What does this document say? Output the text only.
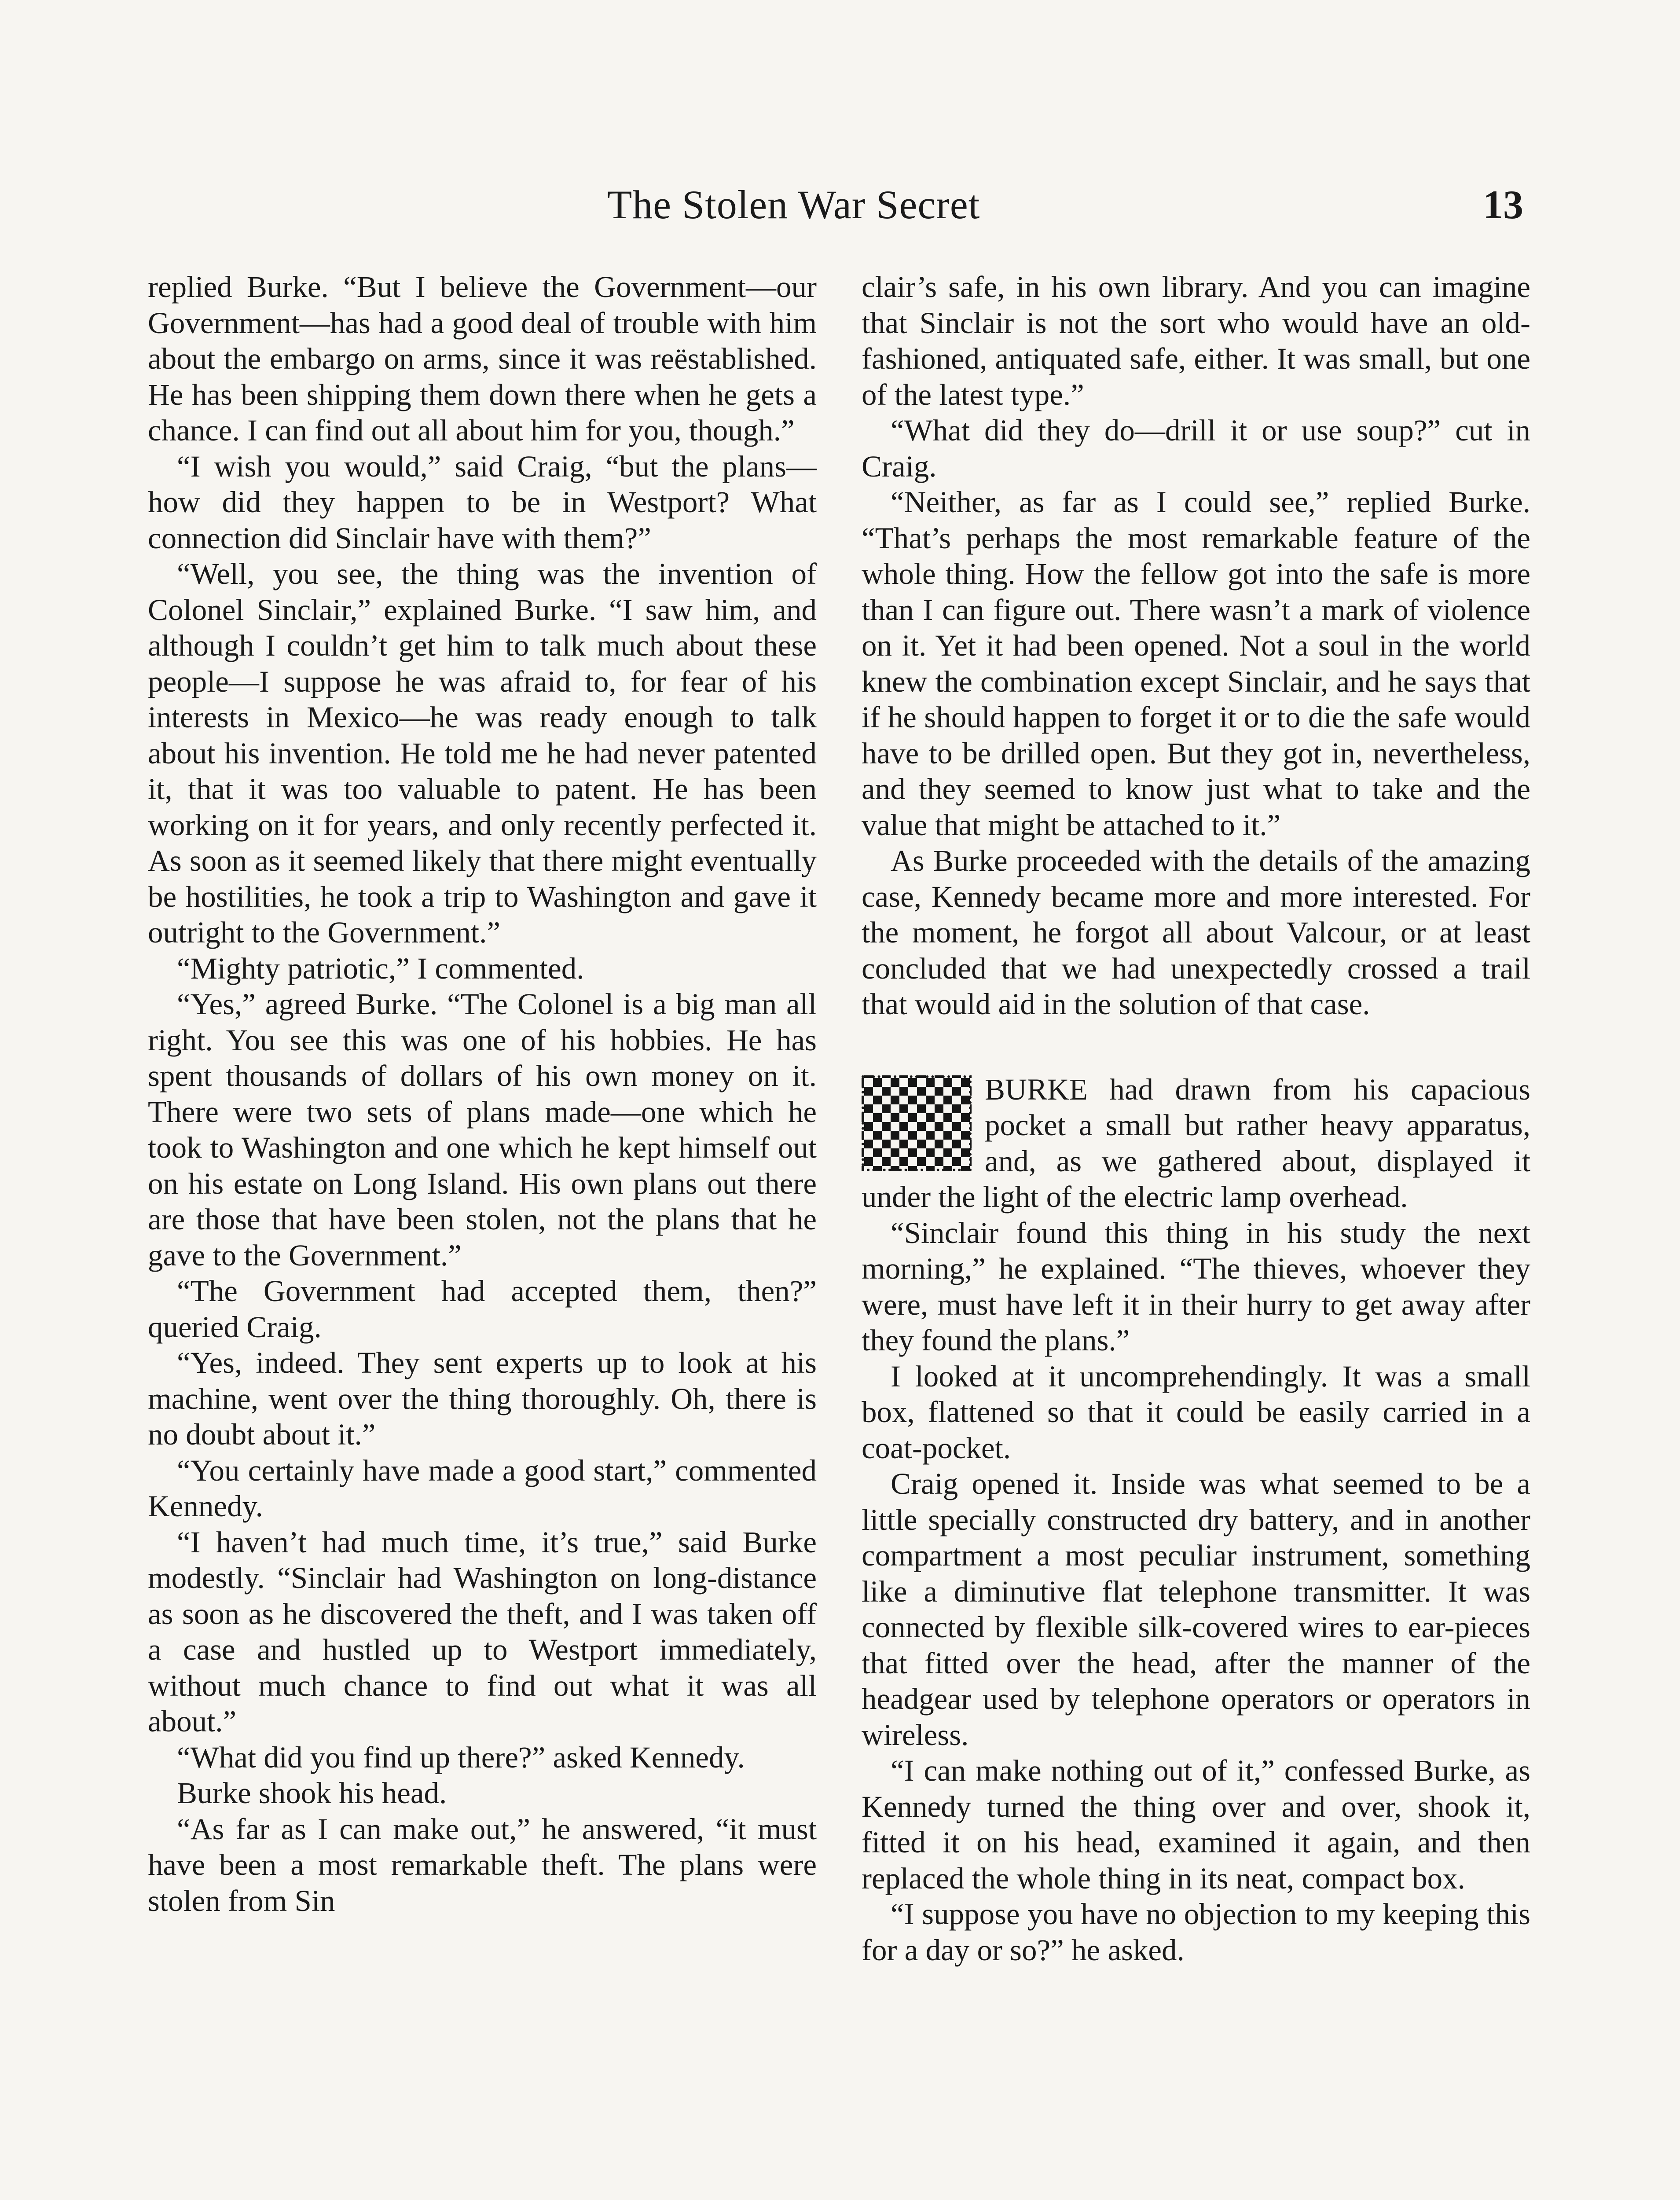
The Stolen War Secret	13

replied Burke. “But I believe the Government—our Government—has had a good deal of trouble with him about the embargo on arms, since it was reëstablished. He has been shipping them down there when he gets a chance. I can find out all about him for you, though.”

“I wish you would,” said Craig, “but the plans—how did they happen to be in Westport? What connection did Sinclair have with them?”

“Well, you see, the thing was the invention of Colonel Sinclair,” explained Burke. “I saw him, and although I couldn’t get him to talk much about these people—I suppose he was afraid to, for fear of his interests in Mexico—he was ready enough to talk about his invention. He told me he had never patented it, that it was too valuable to patent. He has been working on it for years, and only recently perfected it. As soon as it seemed likely that there might eventually be hostilities, he took a trip to Washington and gave it outright to the Government.”

“Mighty patriotic,” I commented.

“Yes,” agreed Burke. “The Colonel is a big man all right. You see this was one of his hobbies. He has spent thousands of dollars of his own money on it. There were two sets of plans made—one which he took to Washington and one which he kept himself out on his estate on Long Island. His own plans out there are those that have been stolen, not the plans that he gave to the Government.”

“The Government had accepted them, then?” queried Craig.

“Yes, indeed. They sent experts up to look at his machine, went over the thing thoroughly. Oh, there is no doubt about it.”

“You certainly have made a good start,” commented Kennedy.

“I haven’t had much time, it’s true,” said Burke modestly. “Sinclair had Washington on long-distance as soon as he discovered the theft, and I was taken off a case and hustled up to Westport immediately, without much chance to find out what it was all about.”

“What did you find up there?” asked Kennedy.

Burke shook his head.

“As far as I can make out,” he answered, “it must have been a most remarkable theft. The plans were stolen from Sin

clair’s safe, in his own library. And you can imagine that Sinclair is not the sort who would have an old-fashioned, antiquated safe, either. It was small, but one of the latest type.”

“What did they do—drill it or use soup?” cut in Craig.

“Neither, as far as I could see,” replied Burke. “That’s perhaps the most remarkable feature of the whole thing. How the fellow got into the safe is more than I can figure out. There wasn’t a mark of violence on it. Yet it had been opened. Not a soul in the world knew the combination except Sinclair, and he says that if he should happen to forget it or to die the safe would have to be drilled open. But they got in, nevertheless, and they seemed to know just what to take and the value that might be attached to it.”

As Burke proceeded with the details of the amazing case, Kennedy became more and more interested. For the moment, he forgot all about Valcour, or at least concluded that we had unexpectedly crossed a trail that would aid in the solution of that case.

BURKE had drawn from his capacious pocket a small but rather heavy apparatus, and, as we gathered about, displayed it under the light of the electric lamp overhead.

“Sinclair found this thing in his study the next morning,” he explained. “The thieves, whoever they were, must have left it in their hurry to get away after they found the plans.”

I looked at it uncomprehendingly. It was a small box, flattened so that it could be easily carried in a coat-pocket.

Craig opened it. Inside was what seemed to be a little specially constructed dry battery, and in another compartment a most peculiar instrument, something like a diminutive flat telephone transmitter. It was connected by flexible silk-covered wires to ear-pieces that fitted over the head, after the manner of the headgear used by telephone operators or operators in wireless.

“I can make nothing out of it,” confessed Burke, as Kennedy turned the thing over and over, shook it, fitted it on his head, examined it again, and then replaced the whole thing in its neat, compact box.

“I suppose you have no objection to my keeping this for a day or so?” he asked.
